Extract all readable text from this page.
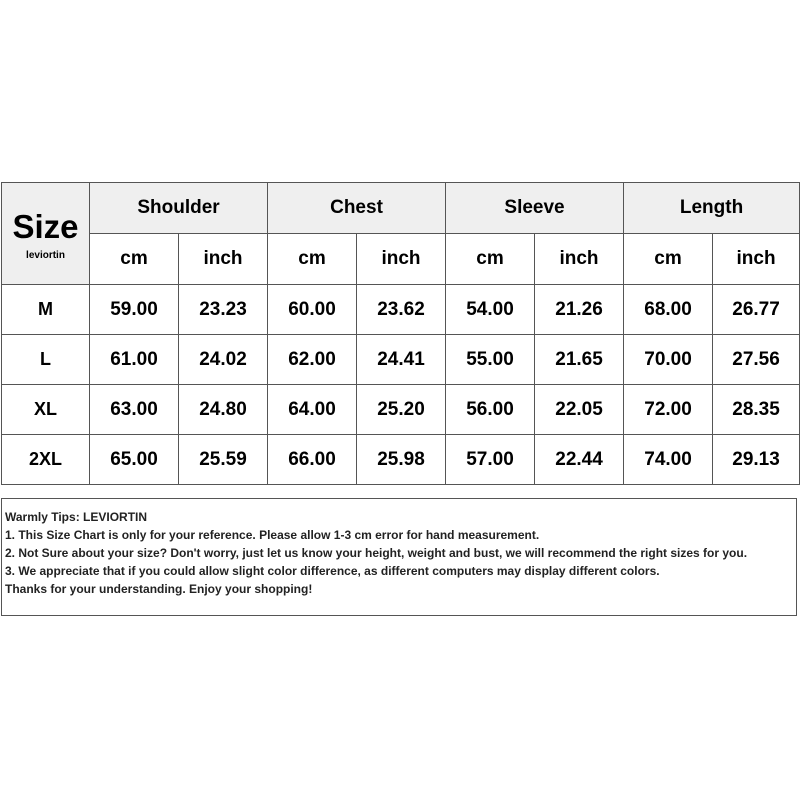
Size
leviortin	Shoulder		Chest		Sleeve		Length	
	cm	inch	cm	inch	cm	inch	cm	inch
M	59.00	23.23	60.00	23.62	54.00	21.26	68.00	26.77
L	61.00	24.02	62.00	24.41	55.00	21.65	70.00	27.56
XL	63.00	24.80	64.00	25.20	56.00	22.05	72.00	28.35
2XL	65.00	25.59	66.00	25.98	57.00	22.44	74.00	29.13
Warmly Tips: LEVIORTIN
1. This Size Chart is only for your reference. Please allow 1-3 cm error for hand measurement.
2. Not Sure about your size? Don't worry, just let us know your height, weight and bust, we will recommend the right sizes for you.
3. We appreciate that if you could allow slight color difference, as different computers may display different colors.
Thanks for your understanding. Enjoy your shopping!
